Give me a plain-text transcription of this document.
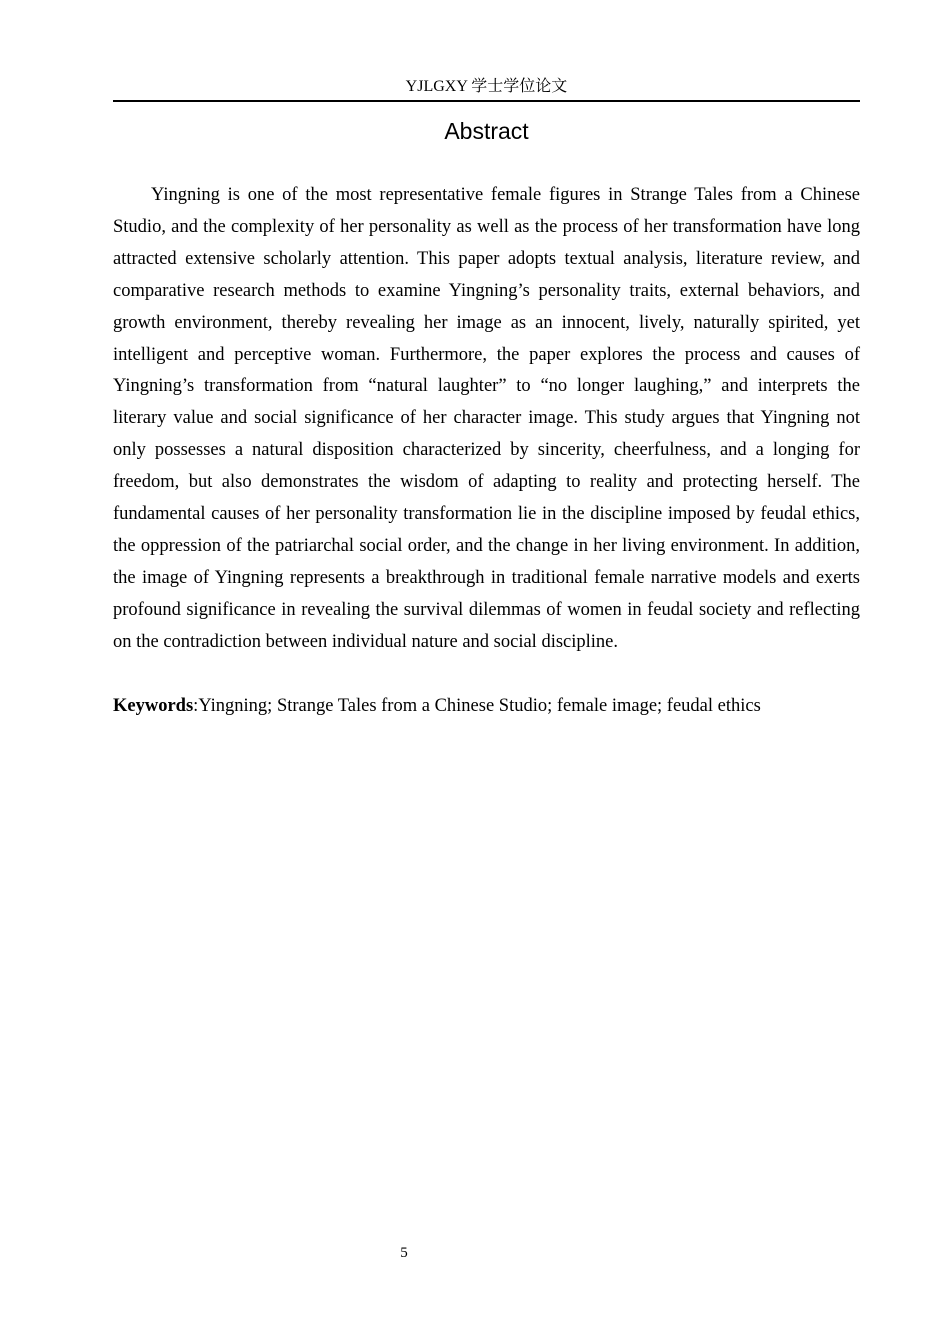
YJLGXY 学士学位论文
Abstract

Yingning is one of the most representative female figures in Strange Tales from a Chinese Studio, and the complexity of her personality as well as the process of her transformation have long attracted extensive scholarly attention. This paper adopts textual analysis, literature review, and comparative research methods to examine Yingning’s personality traits, external behaviors, and growth environment, thereby revealing her image as an innocent, lively, naturally spirited, yet intelligent and perceptive woman. Furthermore, the paper explores the process and causes of Yingning’s transformation from “natural laughter” to “no longer laughing,” and interprets the literary value and social significance of her character image. This study argues that Yingning not only possesses a natural disposition characterized by sincerity, cheerfulness, and a longing for freedom, but also demonstrates the wisdom of adapting to reality and protecting herself. The fundamental causes of her personality transformation lie in the discipline imposed by feudal ethics, the oppression of the patriarchal social order, and the change in her living environment. In addition, the image of Yingning represents a breakthrough in traditional female narrative models and exerts profound significance in revealing the survival dilemmas of women in feudal society and reflecting on the contradiction between individual nature and social discipline.

Keywords:Yingning; Strange Tales from a Chinese Studio; female image; feudal ethics

5
